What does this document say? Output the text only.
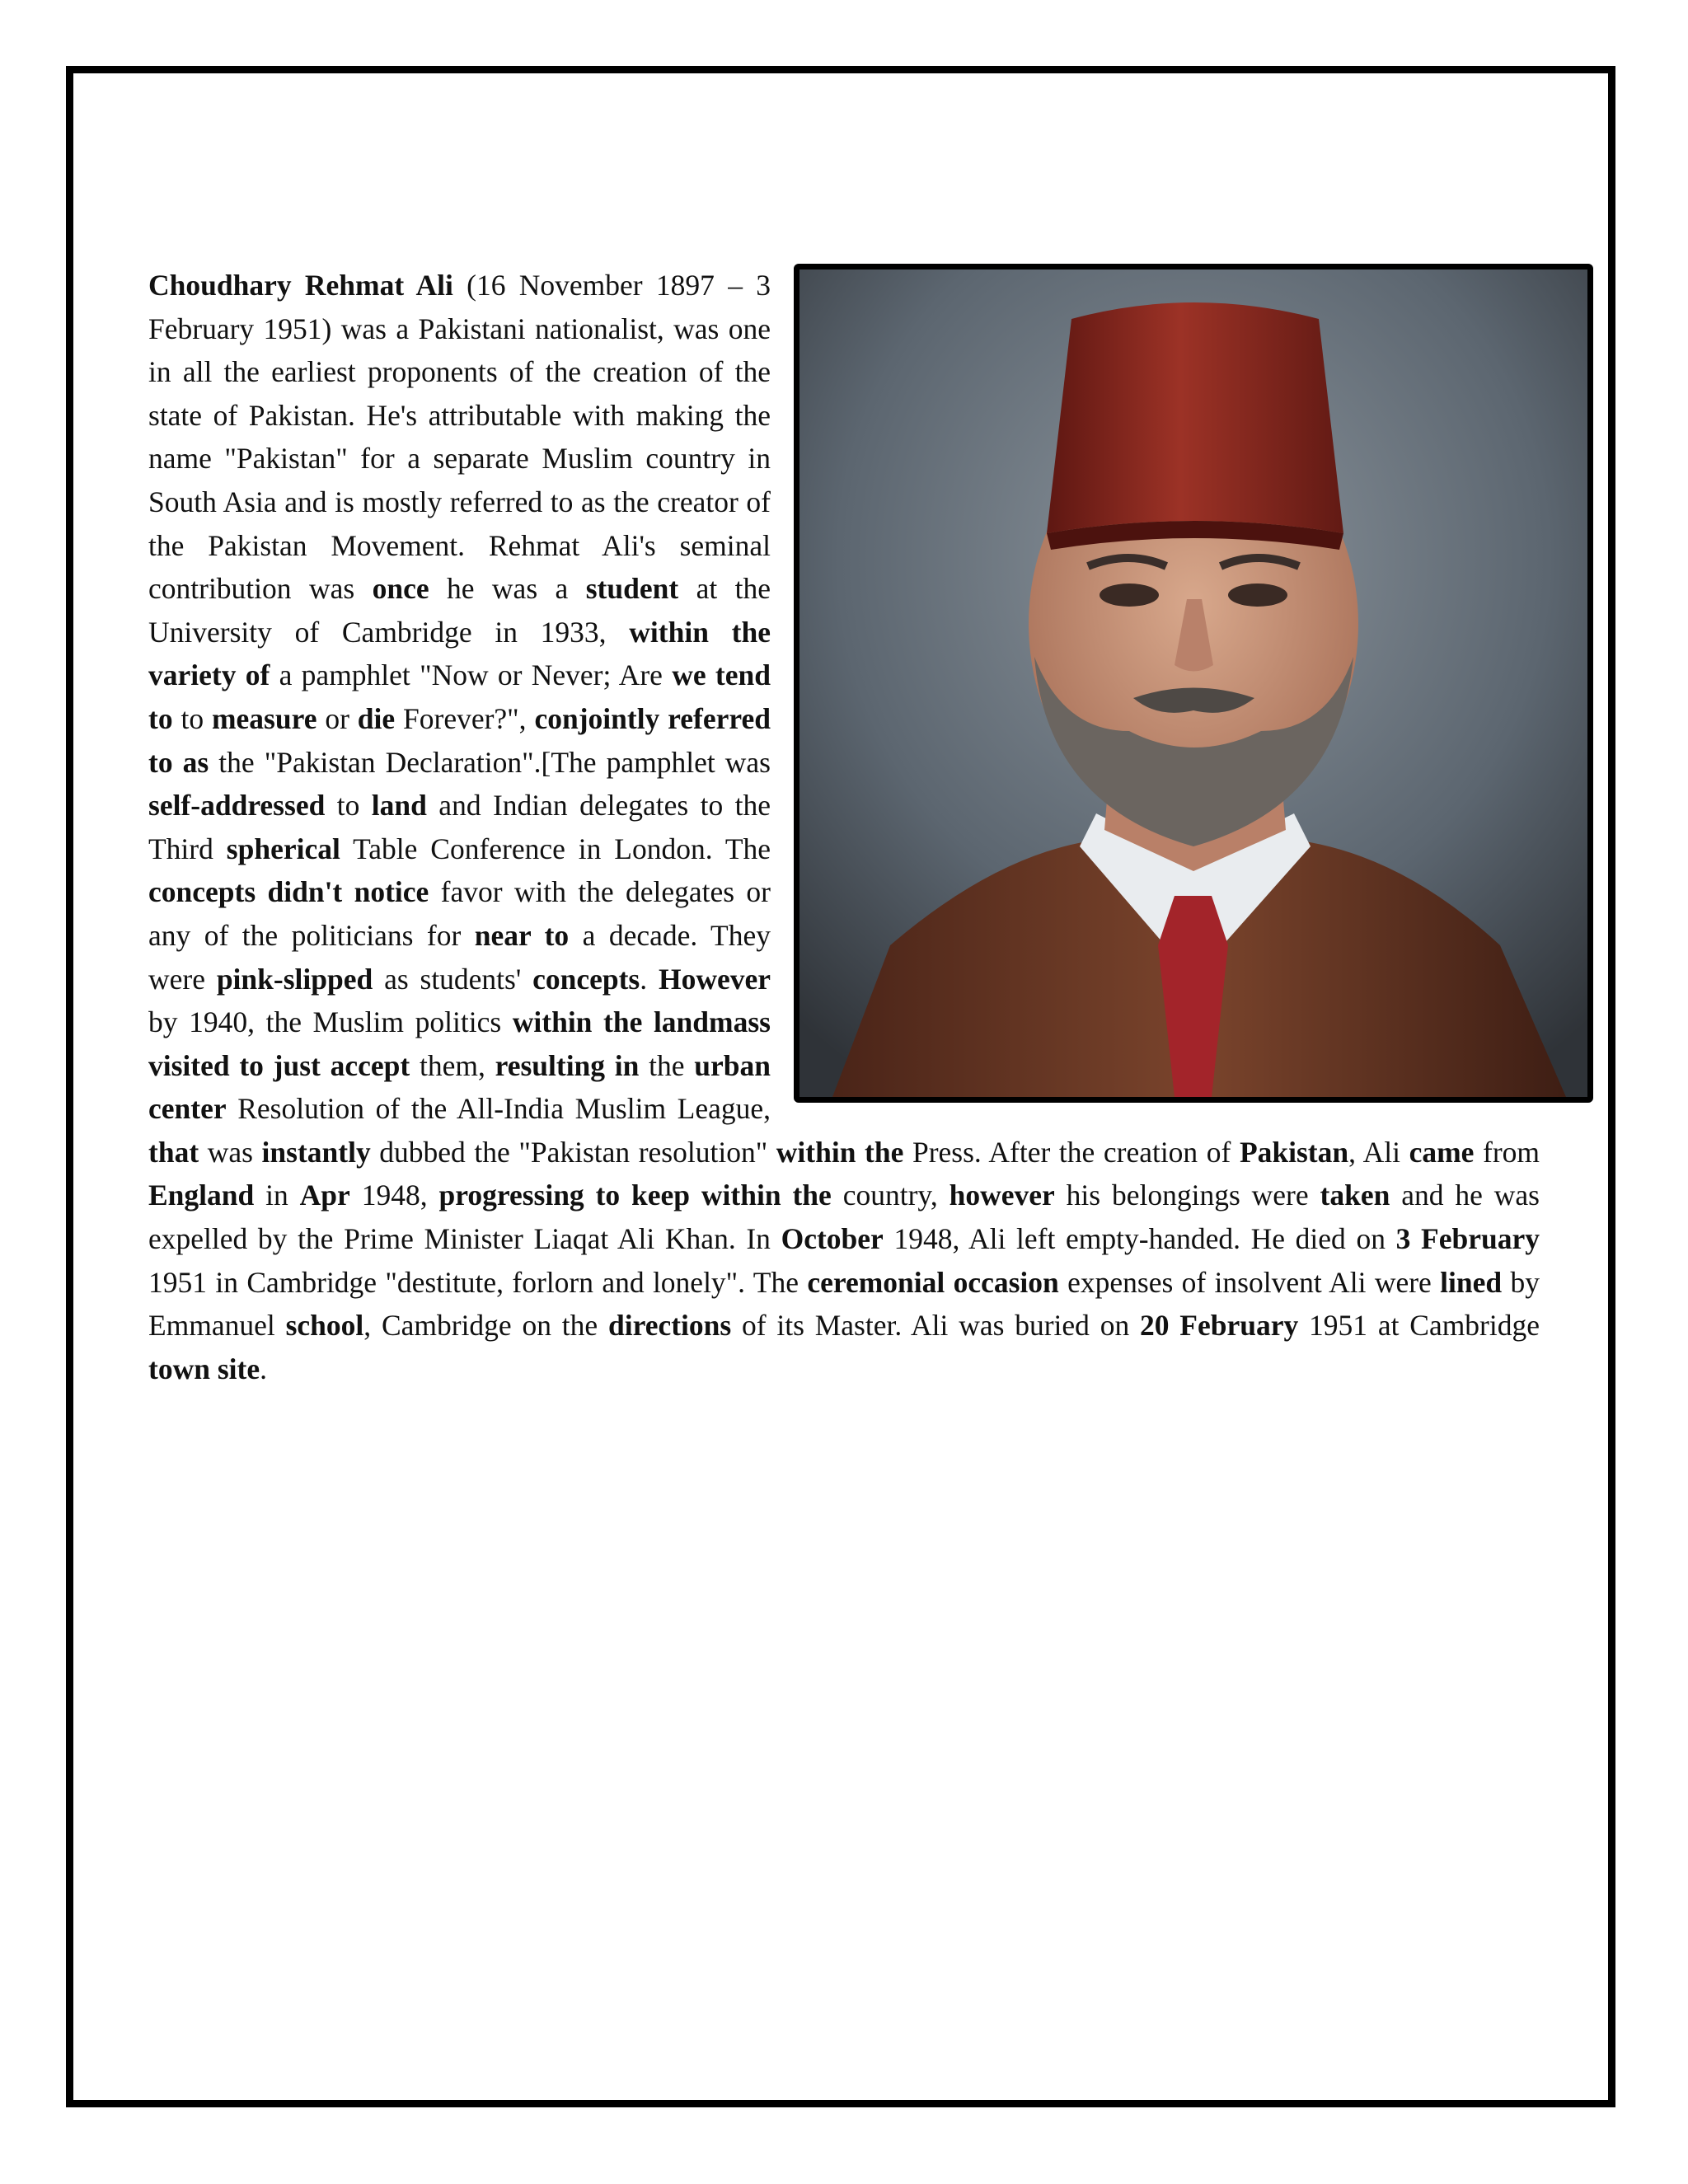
Choudhary Rehmat Ali (16 November 1897 – 3 February 1951) was a Pakistani nationalist, was one in all the earliest proponents of the creation of the state of Pakistan. He's attributable with making the name "Pakistan" for a separate Muslim country in South Asia and is mostly referred to as the creator of the Pakistan Movement. Rehmat Ali's seminal contribution was once he was a student at the University of Cambridge in 1933, within the variety of a pamphlet "Now or Never; Are we tend to to measure or die Forever?", conjointly referred to as the "Pakistan Declaration".[The pamphlet was self-addressed to land and Indian delegates to the Third spherical Table Conference in London. The concepts didn't notice favor with the delegates or any of the politicians for near to a decade. They were pink-slipped as students' concepts. However by 1940, the Muslim politics within the landmass visited to just accept them, resulting in the urban center Resolution of the All-India Muslim League, that was instantly dubbed the "Pakistan resolution" within the Press. After the creation of Pakistan, Ali came from England in Apr 1948, progressing to keep within the country, however his belongings were taken and he was expelled by the Prime Minister Liaqat Ali Khan. In October 1948, Ali left empty-handed. He died on 3 February 1951 in Cambridge "destitute, forlorn and lonely". The ceremonial occasion expenses of insolvent Ali were lined by Emmanuel school, Cambridge on the directions of its Master. Ali was buried on 20 February 1951 at Cambridge town site.
